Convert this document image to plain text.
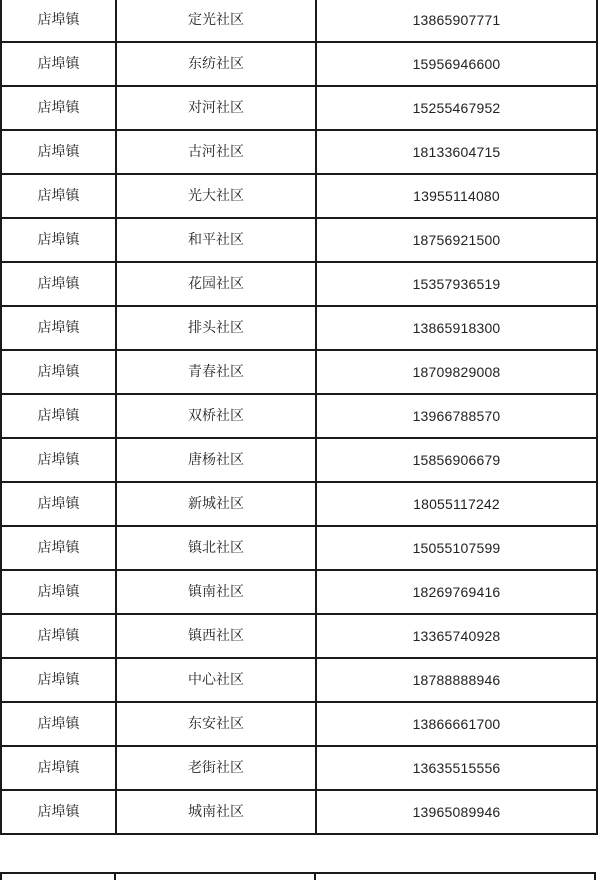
店埠镇	定光社区	13865907771
店埠镇	东纺社区	15956946600
店埠镇	对河社区	15255467952
店埠镇	古河社区	18133604715
店埠镇	光大社区	13955114080
店埠镇	和平社区	18756921500
店埠镇	花园社区	15357936519
店埠镇	排头社区	13865918300
店埠镇	青春社区	18709829008
店埠镇	双桥社区	13966788570
店埠镇	唐杨社区	15856906679
店埠镇	新城社区	18055117242
店埠镇	镇北社区	15055107599
店埠镇	镇南社区	18269769416
店埠镇	镇西社区	13365740928
店埠镇	中心社区	18788888946
店埠镇	东安社区	13866661700
店埠镇	老街社区	13635515556
店埠镇	城南社区	13965089946
